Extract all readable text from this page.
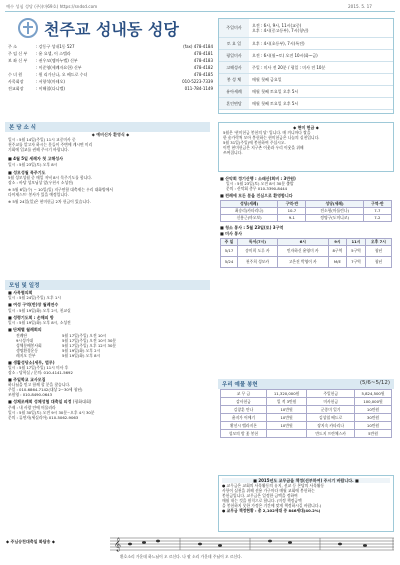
예수 성심 성당 (주)(마69호) https://sndsd.com	2015. 5. 17
천주교 성내동 성당
주 소	: 강동구 성내1동 527	(fax) 478-4184
주 임 신 부 : 윤 요셉, 이 스텔라	478-4181
보 좌 신 부 : 권우모(엠마누엘) 신부	478-4183
: 이준영(세례자요한) 신부	478-4182
수 녀 원	: 원 리가닌나, 오 베드로 수녀	478-4185
사목회장	: 서향석(마테오)	010-5223-7339
전교회장	: 이해철(다니엘)	011-784-1149
주일미사	오전 : 6시, 9시, 11시(교중)
오후 : 4시(중고등부), 7시(청년)
토 요 일	오후 : 4시(초등부), 7시(특전)
평일미사	오전 : 6시(월~토) 오전 10시(화~금)
고해성사	주일 : 미사 전 20분 / 평일 : 미사 전 10분
봉 성 체	매월 첫째 금요일
유아세례	매월 첫째 토요일 오후 5시
혼인면담	매월 첫째 토요일 오후 5시
본 당 소 식
◆ 예비신자 환영식 ◆
일시 : 5월 14일(주일) 11시 교중미사 중
천주교를 알고자 하시는 분들이 주변에 계시면 미리
기회에 입교를 권해 주시기 바랍니다.
■ 4월 5일 세례자 첫 고해성사
일시 : 5월 23일(토) 오후 8시
■ 성모성월 묵주기도
5월 성모성월 중 매일 저녁 8시 묵주기도를 합니다.
장소 : 바당 성모님상 앞(우천시 소성전)
※ 5월 6일(수) ~ 10일(일) 지구연합 대축제는 우리 대화방에서
다이제스트' 봉사가 있을 예정입니다.
※ 5월 24일(일)은 현미헌금 2차 헌금이 있습니다.
모임 및 일정
■ 사목협의회
일시 : 5월 24일(주일) 오후 1시
■ 여성 구역(반)장 월례연수
일시 : 5월 19일(화) 오후 2시, 친교실
■ 성령기도회 : 손해피 방
일시 : 5월 19일(화) 오후 8시, 소성전
■ 단체별 월례회의
전례단	5월 17일(주일) 오전 10시
9시성가대	5월 17일(주일) 오전 10시 30분
성체분배봉사회	5월 17일(주일) 오후 12시 30분
생명환경운동	5월 19일(화) 오후 2시
레지오 간부	5월 19일(화) 오후 8시
■ 생활성당소(세무, 법무)
일시 : 5월 17일(주일) 11시 미사 후
장소 : 당학실 / 문의: 010-4141-5692
■ 주일학교 교사모집
하나님을 믿고 함께 할 분을 찾습니다.
주일 : 010-6864-7142(대상 2~30세 청년)
조원영 : 010-8490-0643
■ 성체조배회 성체성혈 대축일 피정 (평화대회)
주제 : 내 사랑 안에 머물러라
일시 : 5월 30일(토) 오전 9시 30분~오후 4시 30분
문의 : 류연자(세실리아) 010-5062-9063
◆ 현미 헌금 ◆
5월은 '현미헌금 봉헌의 달' 입니다. 매 끼니마다 쌀을
한 숟가락씩 모아 봉헌하는 현미헌금은 나눔의 실천입니다.
5월 31일(주일)에 봉헌하여 주십시오.
이번 현미헌금은 지구촌 이웃과 우리 이웃을 위해
쓰여집니다.
■ 산악회 정기산행 : 소래산(회비 : 3만원)
일시 : 5월 23일(토) 오전 8시 30분 출발
문의 : 산악회 총무 010-3390-8444
■ 전례에 모든 분을 진심으로 환영합니다
성당(세례)	구역-반	성당(세례)	구역-반
최숭리(카타리나)	10-7	전소형(마틀린나)	7-7
신흥근(마오보)	9-1	정명구(도미니코)	7-2
■ 청소 봉사 : 5월 23일(토) 3구역
■ 미사 봉사
주 일	독서(7시)	6시	9시	11시	오후 7시
5/17	송미희 도루 카	민자하신 윤영미 카	8구역	5구역	청년
5/24	천주희 성모카	고은진 박영이 카	M/E	7구역	청년
우리 예물 봉헌	(5/6~5/12)
교 무 금	11,320,000원	주일헌금	5,824,500원
감사헌금	일 적 3만원	미사헌금	100,000원
김창훈 안나	10만원	군종미 일기	10만원
윤지가 어에기	10만원	김상철 베드로	30만원
황선시 벨라지몬	10만원	장지숙 카타리나	10만원
성모의 밤 꽃 봉헌		만드지 프란체스카	5만원
■ 2015년도 교무금을 책정(선부하여) 주시기 바랍니다. ■
● 교무금은 교회의 사목활동의 유지, 선교 등 본당의 사목활동
사항이 실천을 위해 선용 가구마다 매월 교회에 봉헌하는
봉헌금입니다. 교무금은 일정한 금액을 정하여
매월 내는 것을 원칙으로 합니다. (미정 책정금액
을 봉헌하지 못한 가정은 기간에 맞게 책정하시길 바랍니다.)
● 교무금 책정현황 : 총 2,102세대 중 846세대(40.2%)
◆ 주님승천대축일 화답송 ◆	𝄞
환호소리 가운데 하느님이 오 르신다. 나 팔 소리 가운데 주님이 오 르신다.
